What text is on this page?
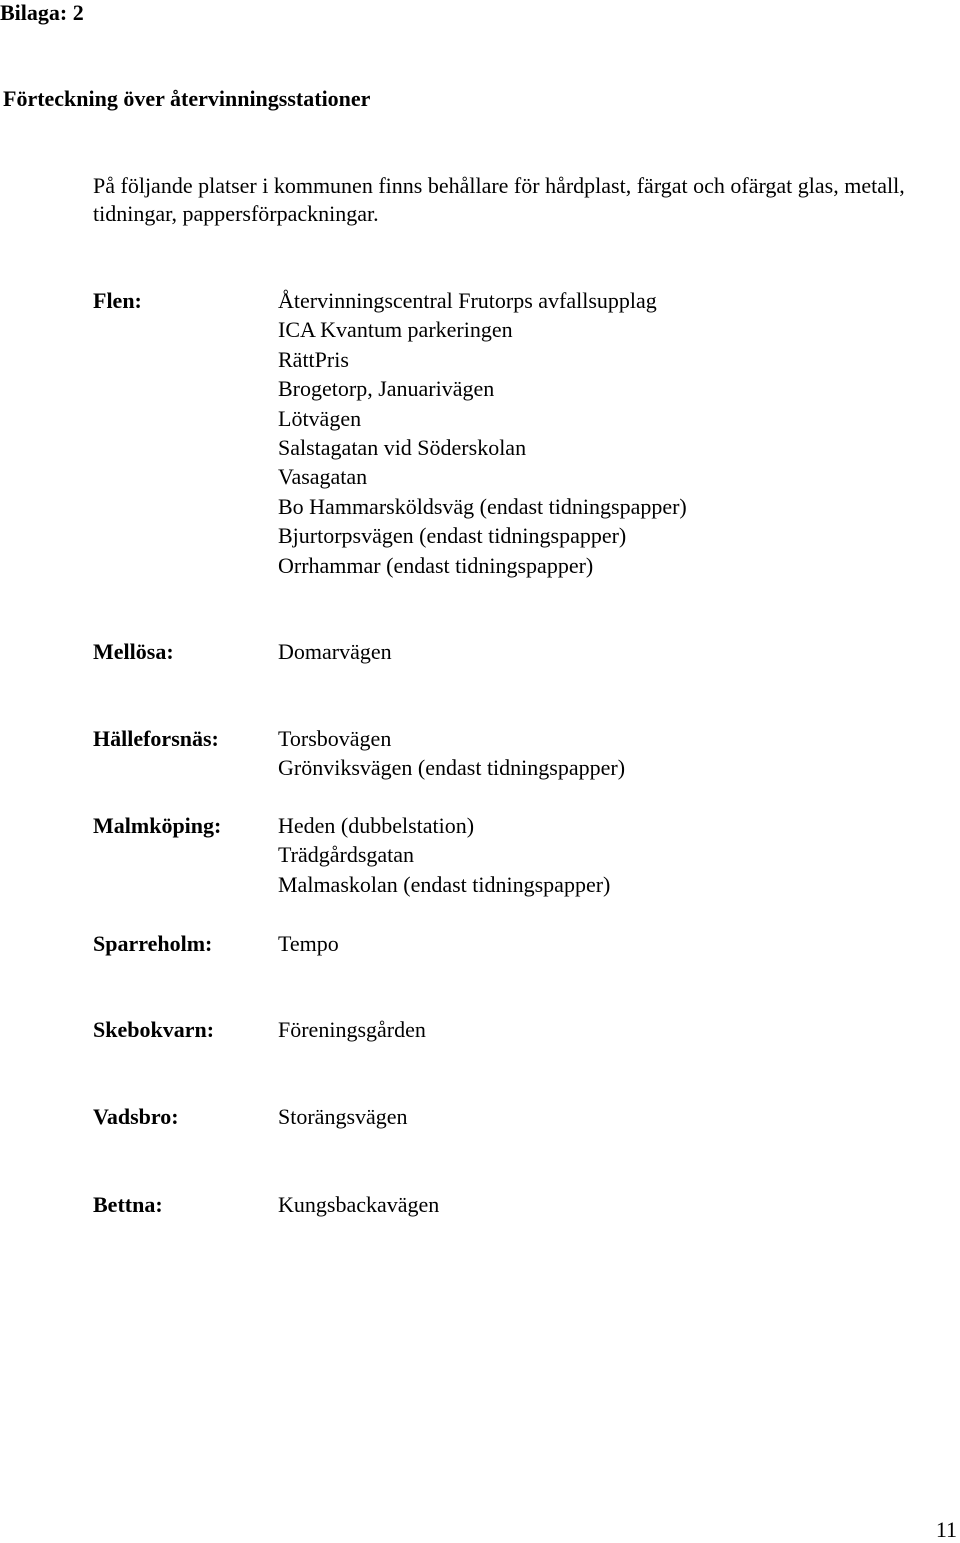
Bilaga: 2
Förteckning över återvinningsstationer

På följande platser i kommunen finns behållare för hårdplast, färgat och ofärgat glas, metall, tidningar, pappersförpackningar.

Flen:	Återvinningscentral Frutorps avfallsupplag
ICA Kvantum parkeringen
RättPris
Brogetorp, Januarivägen
Lötvägen
Salstagatan vid Söderskolan
Vasagatan
Bo Hammarsköldsväg (endast tidningspapper)
Bjurtorpsvägen (endast tidningspapper)
Orrhammar (endast tidningspapper)
Mellösa:	Domarvägen
Hälleforsnäs:	Torsbovägen
Grönviksvägen (endast tidningspapper)
Malmköping:	Heden (dubbelstation)
Trädgårdsgatan
Malmaskolan (endast tidningspapper)
Sparreholm:	Tempo
Skebokvarn:	Föreningsgården
Vadsbro:	Storängsvägen
Bettna:	Kungsbackavägen
11
